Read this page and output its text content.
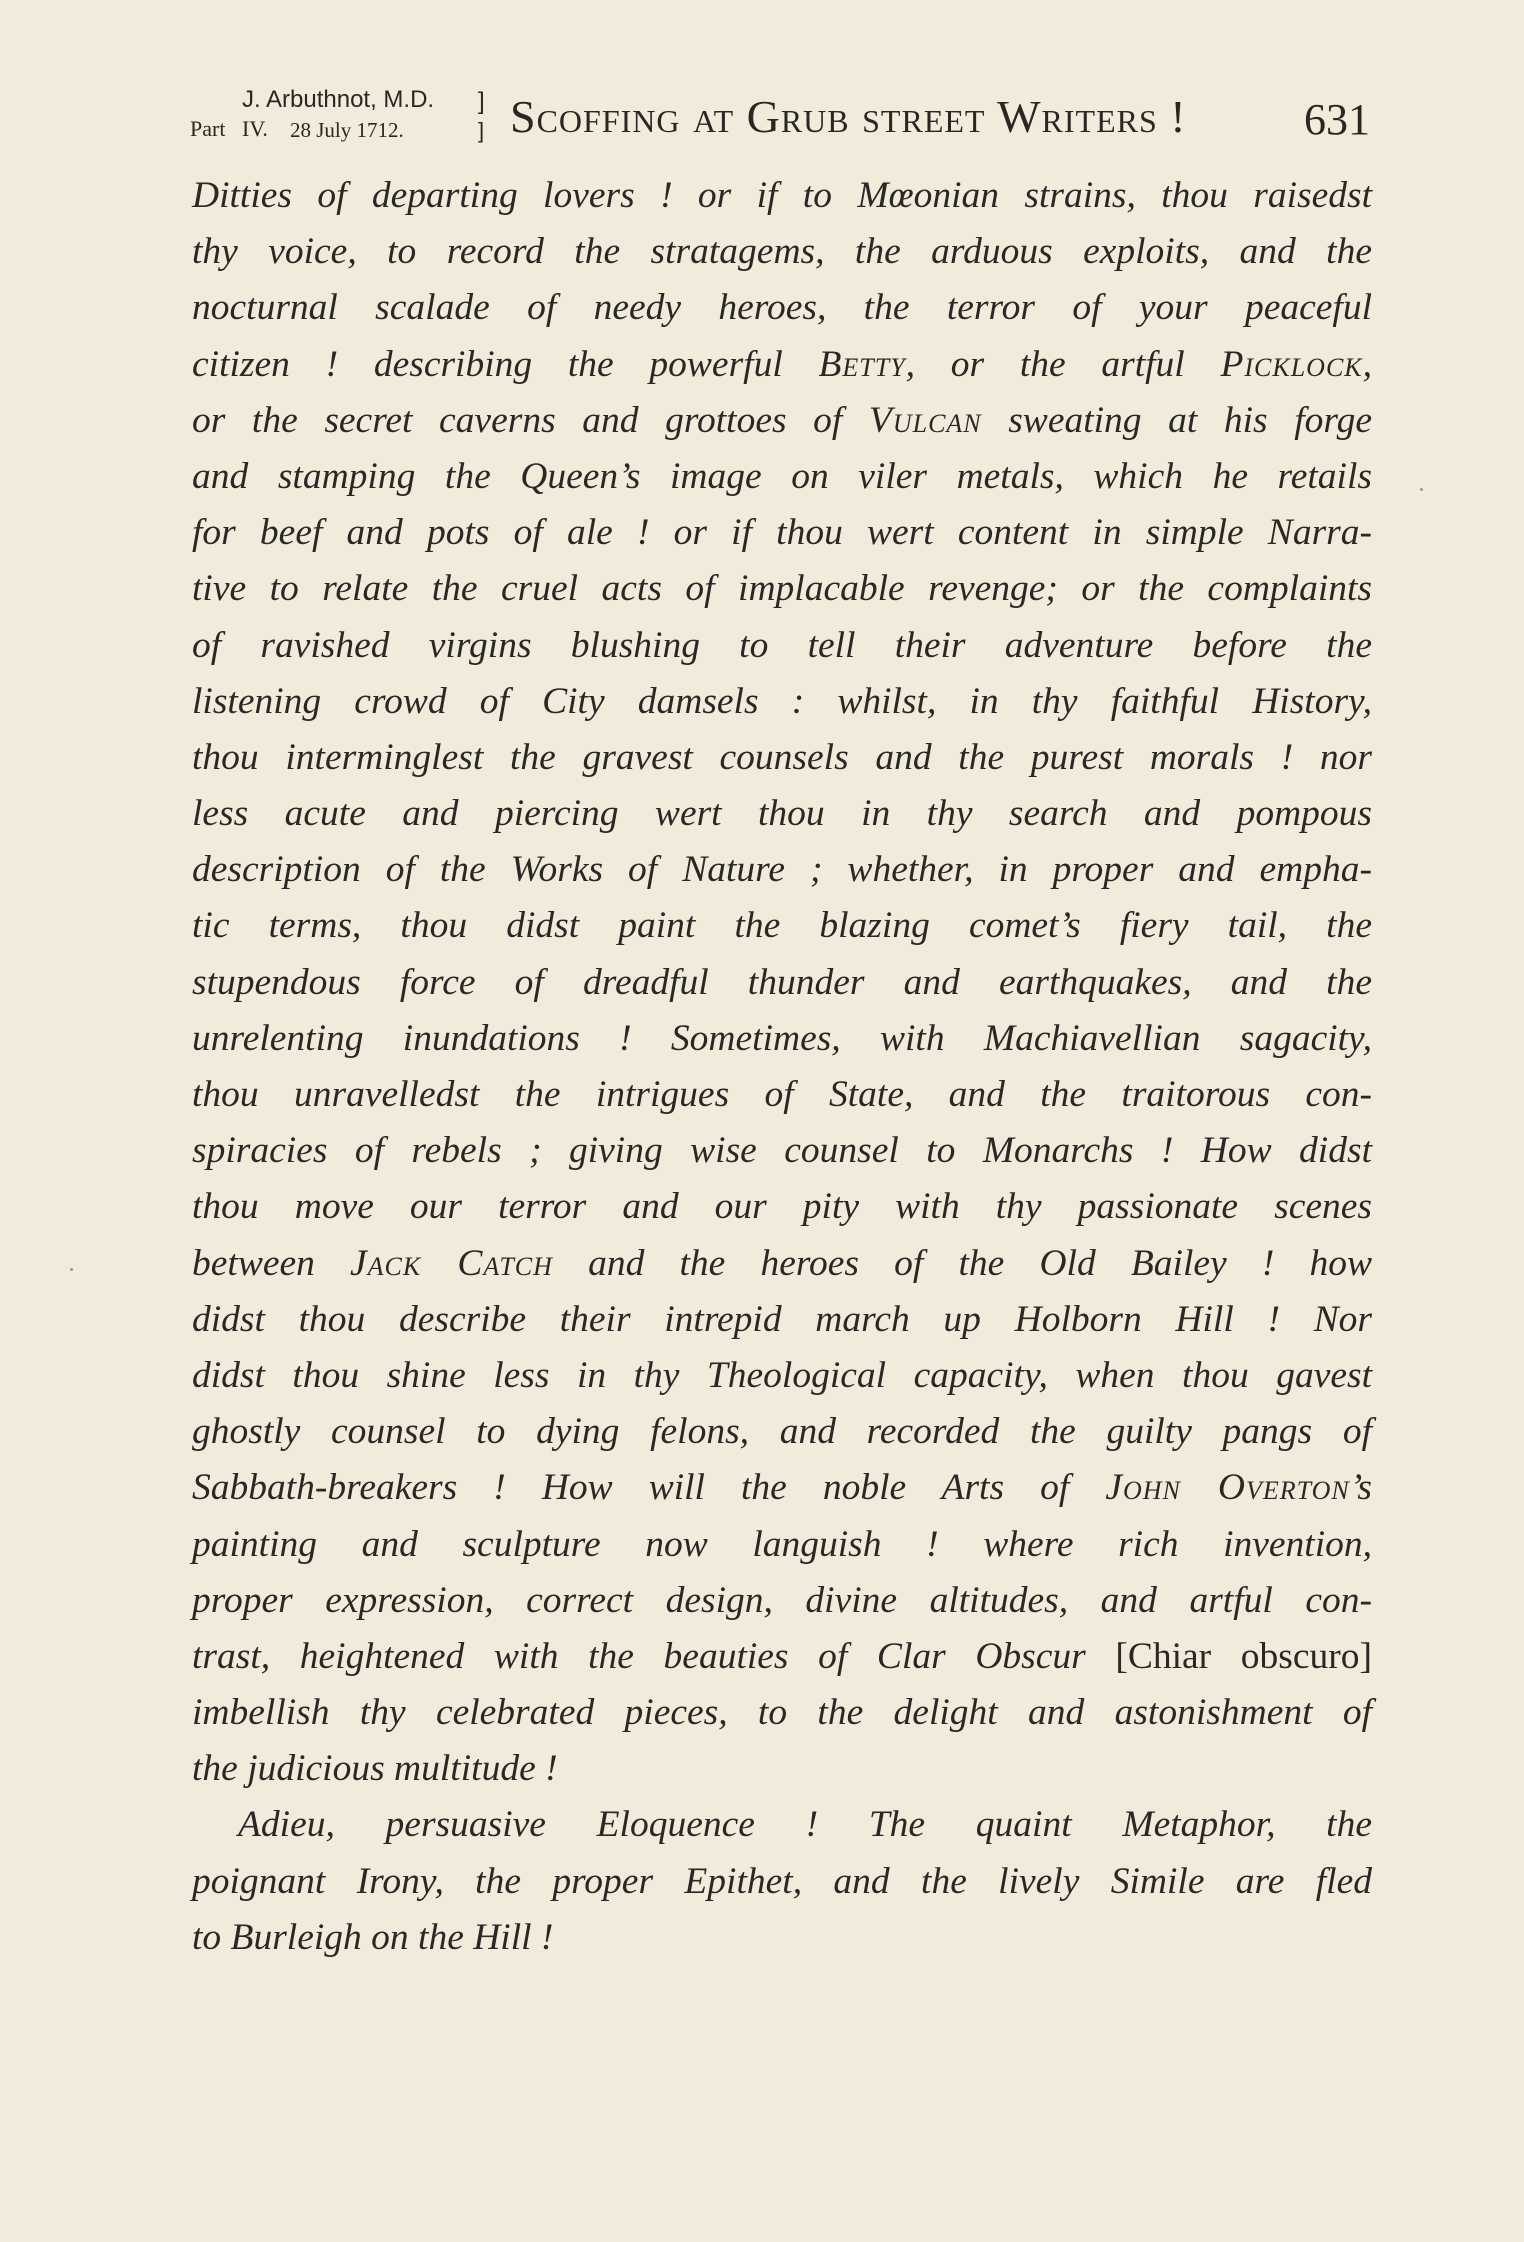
Part
J. Arbuthnot, M.D.
IV. 28 July 1712.
]
] Scoffing at Grub street Writers !	631
Ditties of departing lovers ! or if to Mœonian strains, thou raisedst
thy voice, to record the stratagems, the arduous exploits, and the
nocturnal scalade of needy heroes, the terror of your peaceful
citizen ! describing the powerful Betty, or the artful Picklock,
or the secret caverns and grottoes of Vulcan sweating at his forge
and stamping the Queen’s image on viler metals, which he retails
for beef and pots of ale ! or if thou wert content in simple Narra-
tive to relate the cruel acts of implacable revenge; or the complaints
of ravished virgins blushing to tell their adventure before the
listening crowd of City damsels : whilst, in thy faithful History,
thou interminglest the gravest counsels and the purest morals ! nor
less acute and piercing wert thou in thy search and pompous
description of the Works of Nature ; whether, in proper and empha-
tic terms, thou didst paint the blazing comet’s fiery tail, the
stupendous force of dreadful thunder and earthquakes, and the
unrelenting inundations ! Sometimes, with Machiavellian sagacity,
thou unravelledst the intrigues of State, and the traitorous con-
spiracies of rebels ; giving wise counsel to Monarchs ! How didst
thou move our terror and our pity with thy passionate scenes
between Jack Catch and the heroes of the Old Bailey ! how
didst thou describe their intrepid march up Holborn Hill ! Nor
didst thou shine less in thy Theological capacity, when thou gavest
ghostly counsel to dying felons, and recorded the guilty pangs of
Sabbath-breakers ! How will the noble Arts of John Overton’s
painting and sculpture now languish ! where rich invention,
proper expression, correct design, divine altitudes, and artful con-
trast, heightened with the beauties of Clar Obscur [Chiar obscuro]
imbellish thy celebrated pieces, to the delight and astonishment of
the judicious multitude !
Adieu, persuasive Eloquence ! The quaint Metaphor, the
poignant Irony, the proper Epithet, and the lively Simile are fled
to Burleigh on the Hill !
